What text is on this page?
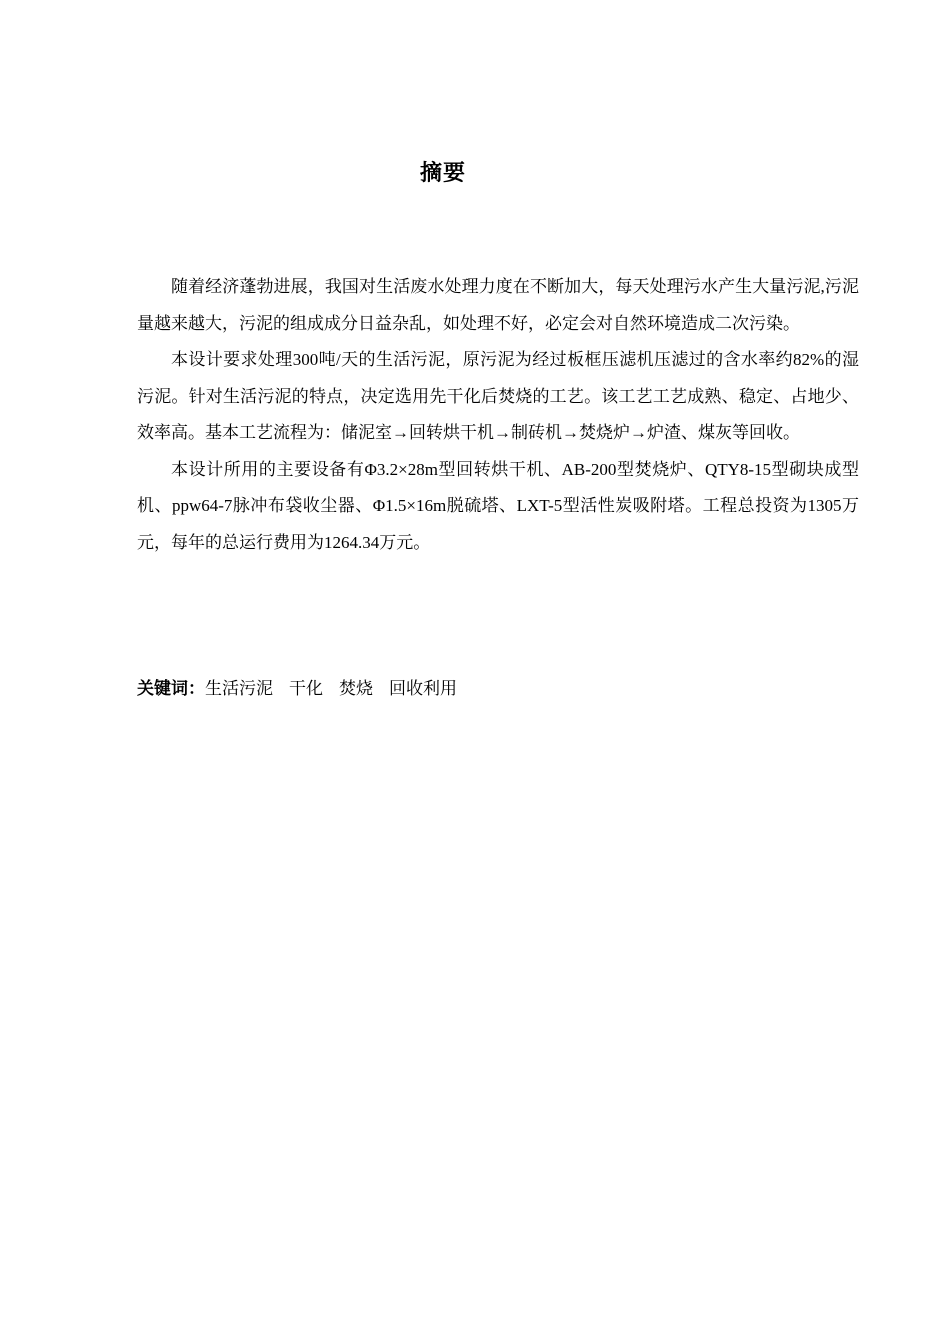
摘要

随着经济蓬勃进展，我国对生活废水处理力度在不断加大，每天处理污水产生大量污泥,污泥量越来越大，污泥的组成成分日益杂乱，如处理不好，必定会对自然环境造成二次污染。

本设计要求处理300吨/天的生活污泥，原污泥为经过板框压滤机压滤过的含水率约82%的湿污泥。针对生活污泥的特点，决定选用先干化后焚烧的工艺。该工艺工艺成熟、稳定、占地少、效率高。基本工艺流程为：储泥室→回转烘干机→制砖机→焚烧炉→炉渣、煤灰等回收。

本设计所用的主要设备有Φ3.2×28m型回转烘干机、AB-200型焚烧炉、QTY8-15型砌块成型机、ppw64-7脉冲布袋收尘器、Φ1.5×16m脱硫塔、LXT-5型活性炭吸附塔。工程总投资为1305万元，每年的总运行费用为1264.34万元。

关键词：生活污泥 干化 焚烧 回收利用
